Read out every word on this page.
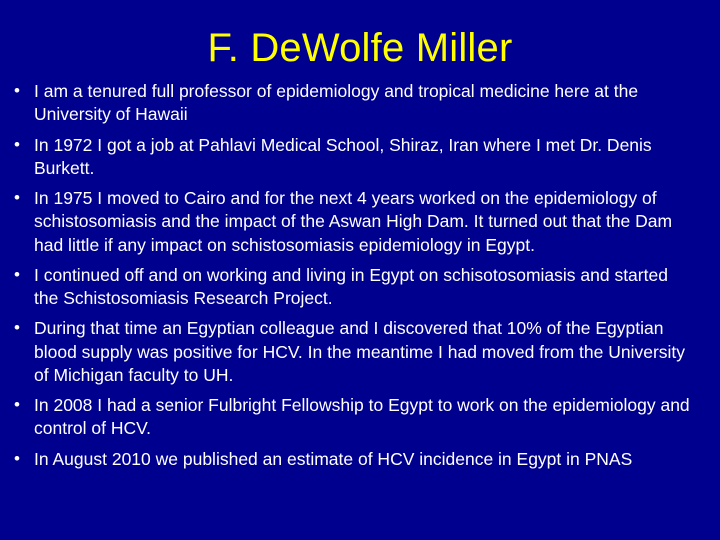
F. DeWolfe Miller
• I am a tenured full professor of epidemiology and tropical medicine here at the University of Hawaii
• In 1972 I got a job at Pahlavi Medical School, Shiraz, Iran where I met Dr. Denis Burkett.
• In 1975 I moved to Cairo and for the next 4 years worked on the epidemiology of schistosomiasis and the impact of the Aswan High Dam. It turned out that the Dam had little if any impact on schistosomiasis epidemiology in Egypt.
• I continued off and on working and living in Egypt on schisotosomiasis and started the Schistosomiasis Research Project.
• During that time an Egyptian colleague and I discovered that 10% of the Egyptian blood supply was positive for HCV. In the meantime I had moved from the University of Michigan faculty to UH.
• In 2008 I had a senior Fulbright Fellowship to Egypt to work on the epidemiology and control of HCV.
• In August 2010 we published an estimate of HCV incidence in Egypt in PNAS
